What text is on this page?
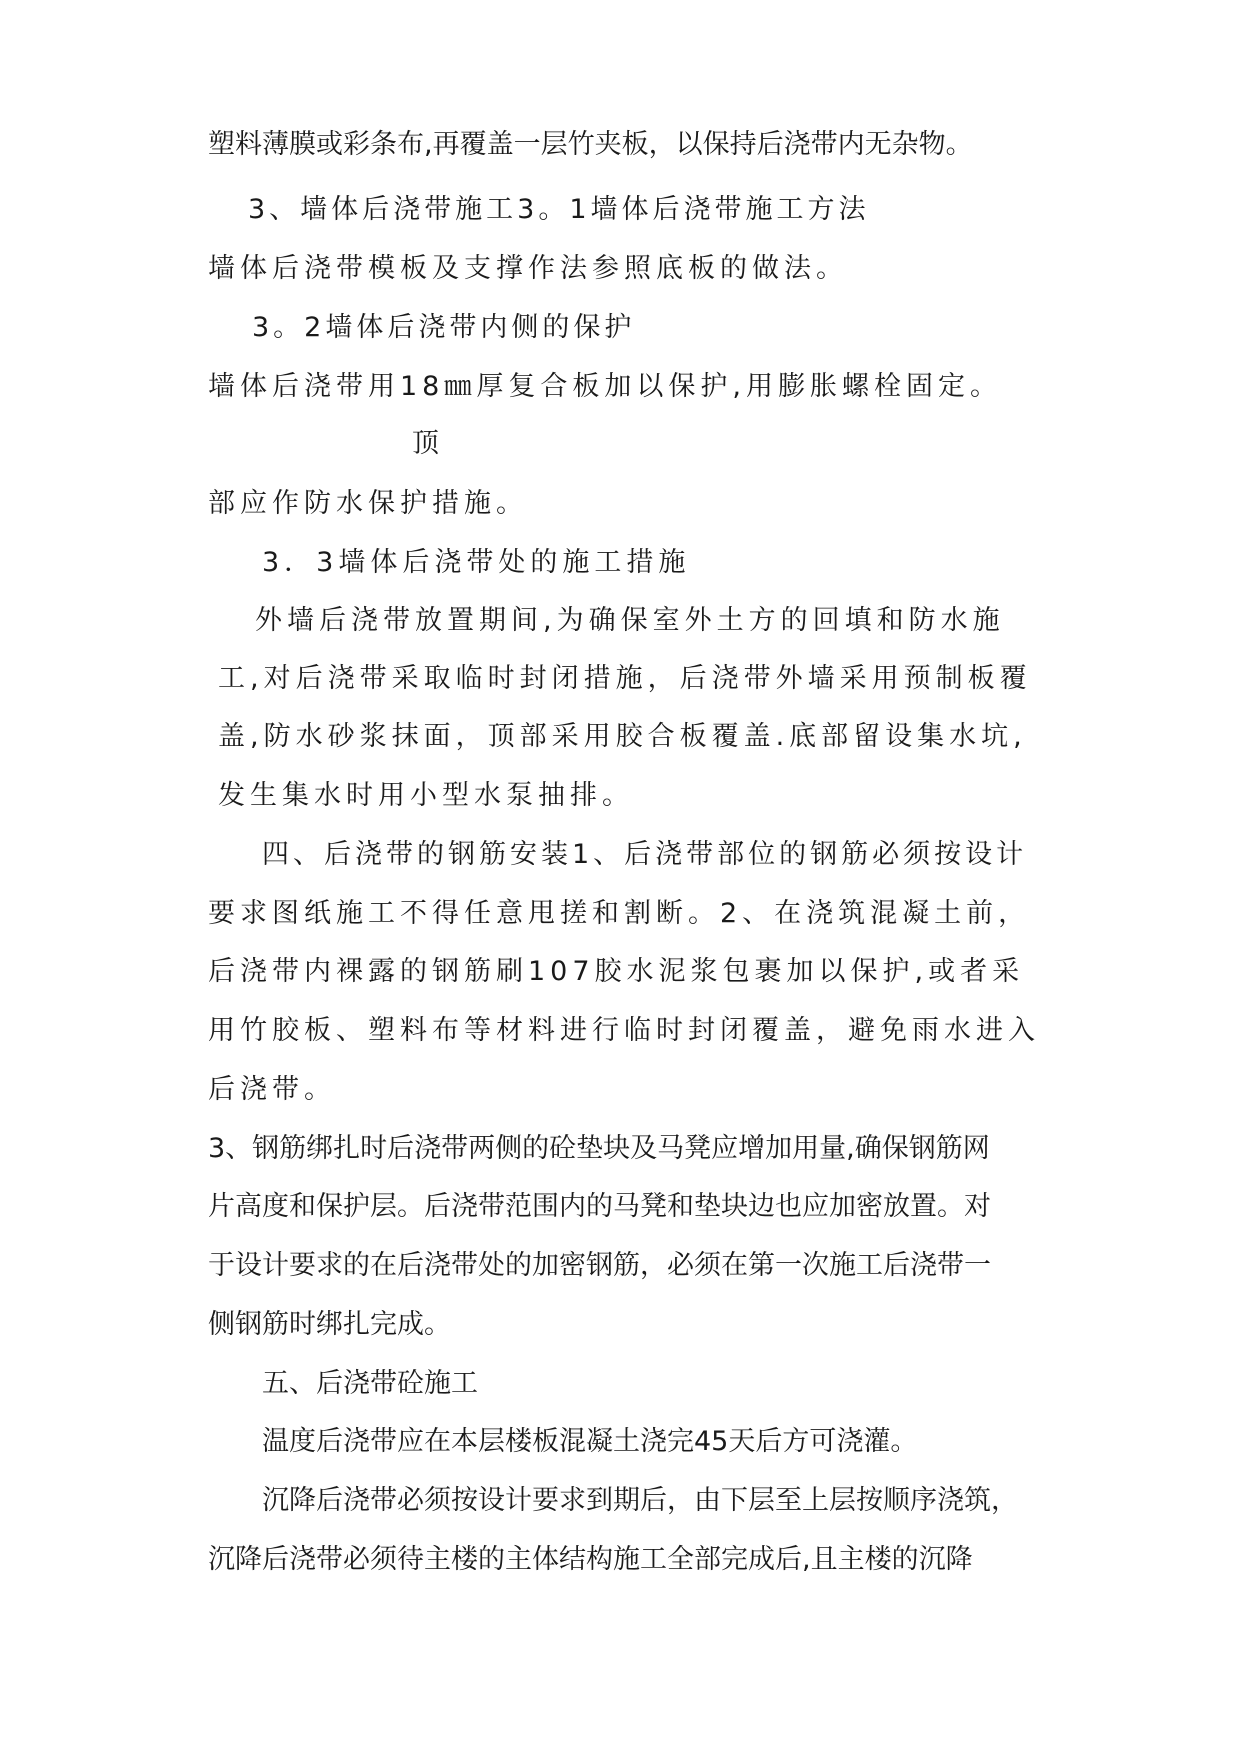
塑料薄膜或彩条布,再覆盖一层竹夹板，以保持后浇带内无杂物。

3、墙体后浇带施工3。1墙体后浇带施工方法

墙体后浇带模板及支撑作法参照底板的做法。

3。2墙体后浇带内侧的保护

墙体后浇带用18㎜厚复合板加以保护,用膨胀螺栓固定。

顶

部应作防水保护措施。

3．3墙体后浇带处的施工措施

外墙后浇带放置期间,为确保室外土方的回填和防水施

工,对后浇带采取临时封闭措施，后浇带外墙采用预制板覆

盖,防水砂浆抹面，顶部采用胶合板覆盖.底部留设集水坑,

发生集水时用小型水泵抽排。

四、后浇带的钢筋安装1、后浇带部位的钢筋必须按设计

要求图纸施工不得任意甩搓和割断。2、在浇筑混凝土前，

后浇带内裸露的钢筋刷107胶水泥浆包裹加以保护,或者采

用竹胶板、塑料布等材料进行临时封闭覆盖，避免雨水进入

后浇带。

3、钢筋绑扎时后浇带两侧的砼垫块及马凳应增加用量,确保钢筋网

片高度和保护层。后浇带范围内的马凳和垫块边也应加密放置。对

于设计要求的在后浇带处的加密钢筋，必须在第一次施工后浇带一

侧钢筋时绑扎完成。

五、后浇带砼施工

温度后浇带应在本层楼板混凝土浇完45天后方可浇灌。

沉降后浇带必须按设计要求到期后，由下层至上层按顺序浇筑，

沉降后浇带必须待主楼的主体结构施工全部完成后,且主楼的沉降
